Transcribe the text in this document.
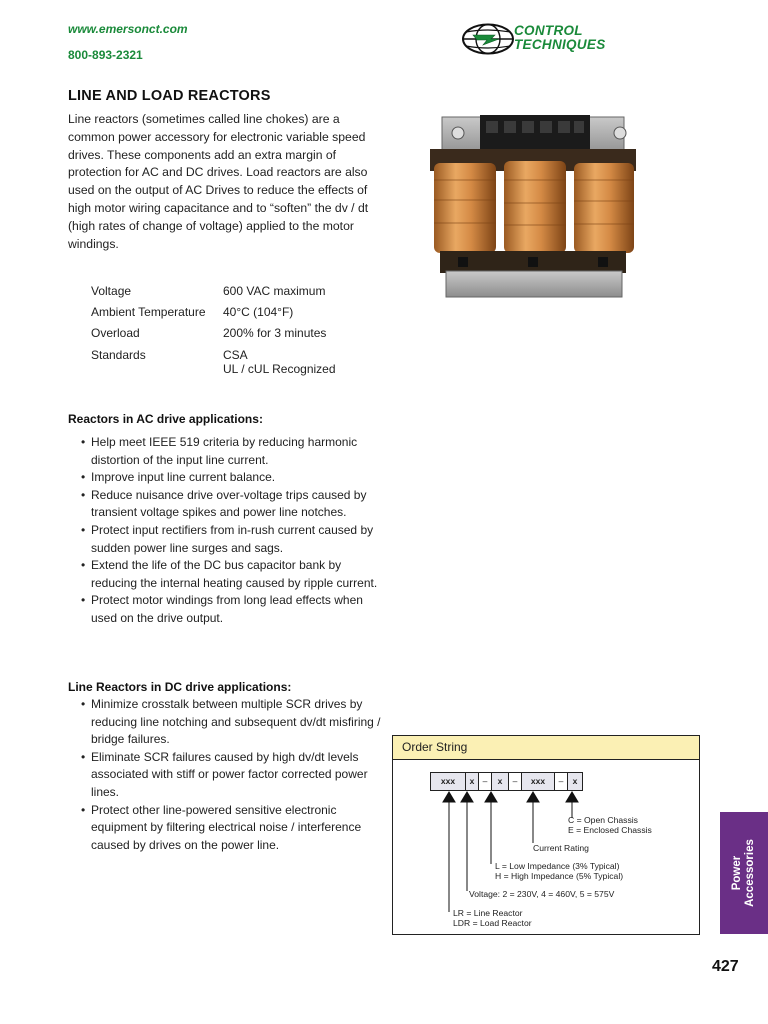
www.emersonct.com
800-893-2321
CONTROL
TECHNIQUES
LINE AND LOAD REACTORS
Line reactors (sometimes called line chokes) are a common power accessory for electronic variable speed drives. These components add an extra margin of protection for AC and DC drives. Load reactors are also used on the output of AC Drives to reduce the effects of high motor wiring capacitance and to “soften” the dv / dt (high rates of change of voltage) applied to the motor windings.
Voltage	600 VAC maximum
Ambient Temperature	40°C (104°F)
Overload	200% for 3 minutes
Standards	CSA
UL / cUL Recognized
Reactors in AC drive applications:
• Help meet IEEE 519 criteria by reducing harmonic distortion of the input line current.
• Improve input line current balance.
• Reduce nuisance drive over-voltage trips caused by transient voltage spikes and power line notches.
• Protect input rectifiers from in-rush current caused by sudden power line surges and sags.
• Extend the life of the DC bus capacitor bank by reducing the internal heating caused by ripple current.
• Protect motor windings from long lead effects when used on the drive output.
Line Reactors in DC drive applications:
• Minimize crosstalk between multiple SCR drives by reducing line notching and subsequent dv/dt misfiring / bridge failures.
• Eliminate SCR failures caused by high dv/dt levels associated with stiff or power factor corrected power lines.
• Protect other line-powered sensitive electronic equipment by filtering electrical noise / interference caused by drives on the power line.
Order String
xxx	x –	x	–	xxx	–	x
C = Open Chassis
E = Enclosed Chassis
Current Rating
L = Low Impedance (3% Typical)
H = High Impedance (5% Typical)
Voltage: 2 = 230V, 4 = 460V, 5 = 575V
LR = Line Reactor
LDR = Load Reactor
Power Accessories
427
